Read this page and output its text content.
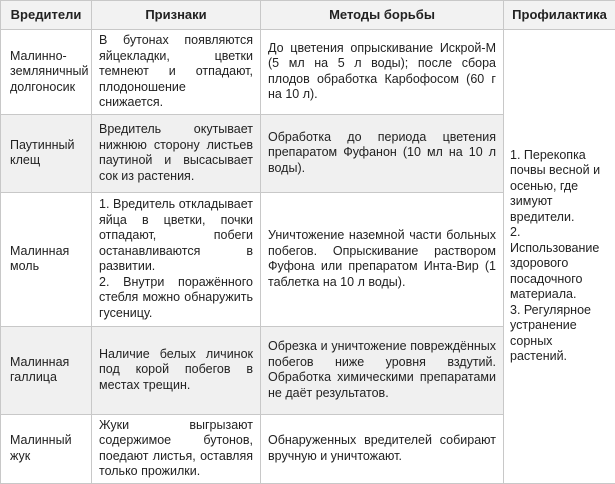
Вредители	Признаки	Методы борьбы	Профилактика
Малинно-земляничный долгоносик	В бутонах появляются яйцекладки, цветки темнеют и отпадают, плодоношение снижается.	До цветения опрыскивание Искрой-М (5 мл на 5 л воды); после сбора плодов обработка Карбофосом (60 г на 10 л).	1. Перекопка почвы весной и осенью, где зимуют вредители.
2. Использование здорового посадочного материала.
3. Регулярное устранение сорных растений.

Паутинный клещ	Вредитель окутывает нижнюю сторону листьев паутиной и высасывает сок из растения.	Обработка до периода цветения препаратом Фуфанон (10 мл на 10 л воды).	
Малинная моль	1. Вредитель откладывает яйца в цветки, почки отпадают, побеги останавливаются в развитии.
2. Внутри поражённого стебля можно обнаружить гусеницу.	Уничтожение наземной части больных побегов. Опрыскивание раствором Фуфона или препаратом Инта-Вир (1 таблетка на 10 л воды).	
Малинная галлица	Наличие белых личинок под корой побегов в местах трещин.	Обрезка и уничтожение повреждённых побегов ниже уровня вздутий. Обработка химическими препаратами не даёт результатов.	
Малинный жук	Жуки выгрызают содержимое бутонов, поедают листья, оставляя только прожилки.	Обнаруженных вредителей собирают вручную и уничтожают.	
